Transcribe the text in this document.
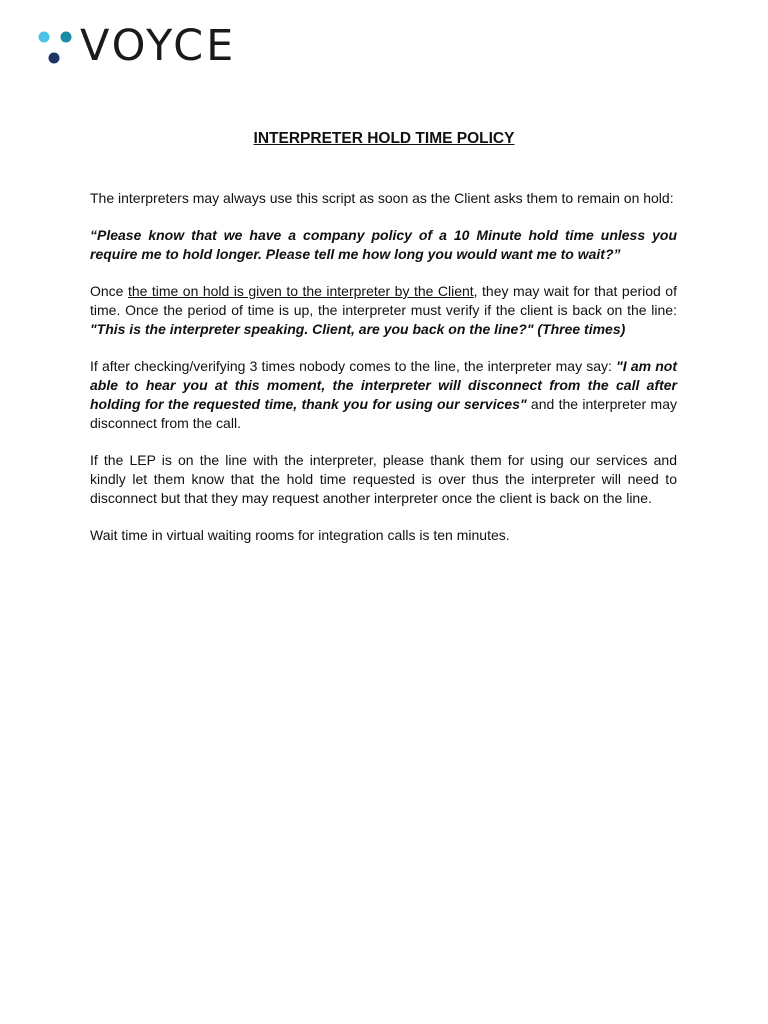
VOYCE
INTERPRETER HOLD TIME POLICY

The interpreters may always use this script as soon as the Client asks them to remain on hold:

“Please know that we have a company policy of a 10 Minute hold time unless you require me to hold longer. Please tell me how long you would want me to wait?”

Once the time on hold is given to the interpreter by the Client, they may wait for that period of time. Once the period of time is up, the interpreter must verify if the client is back on the line: "This is the interpreter speaking. Client, are you back on the line?" (Three times)

If after checking/verifying 3 times nobody comes to the line, the interpreter may say: "I am not able to hear you at this moment, the interpreter will disconnect from the call after holding for the requested time, thank you for using our services" and the interpreter may disconnect from the call.

If the LEP is on the line with the interpreter, please thank them for using our services and kindly let them know that the hold time requested is over thus the interpreter will need to disconnect but that they may request another interpreter once the client is back on the line.

Wait time in virtual waiting rooms for integration calls is ten minutes.
